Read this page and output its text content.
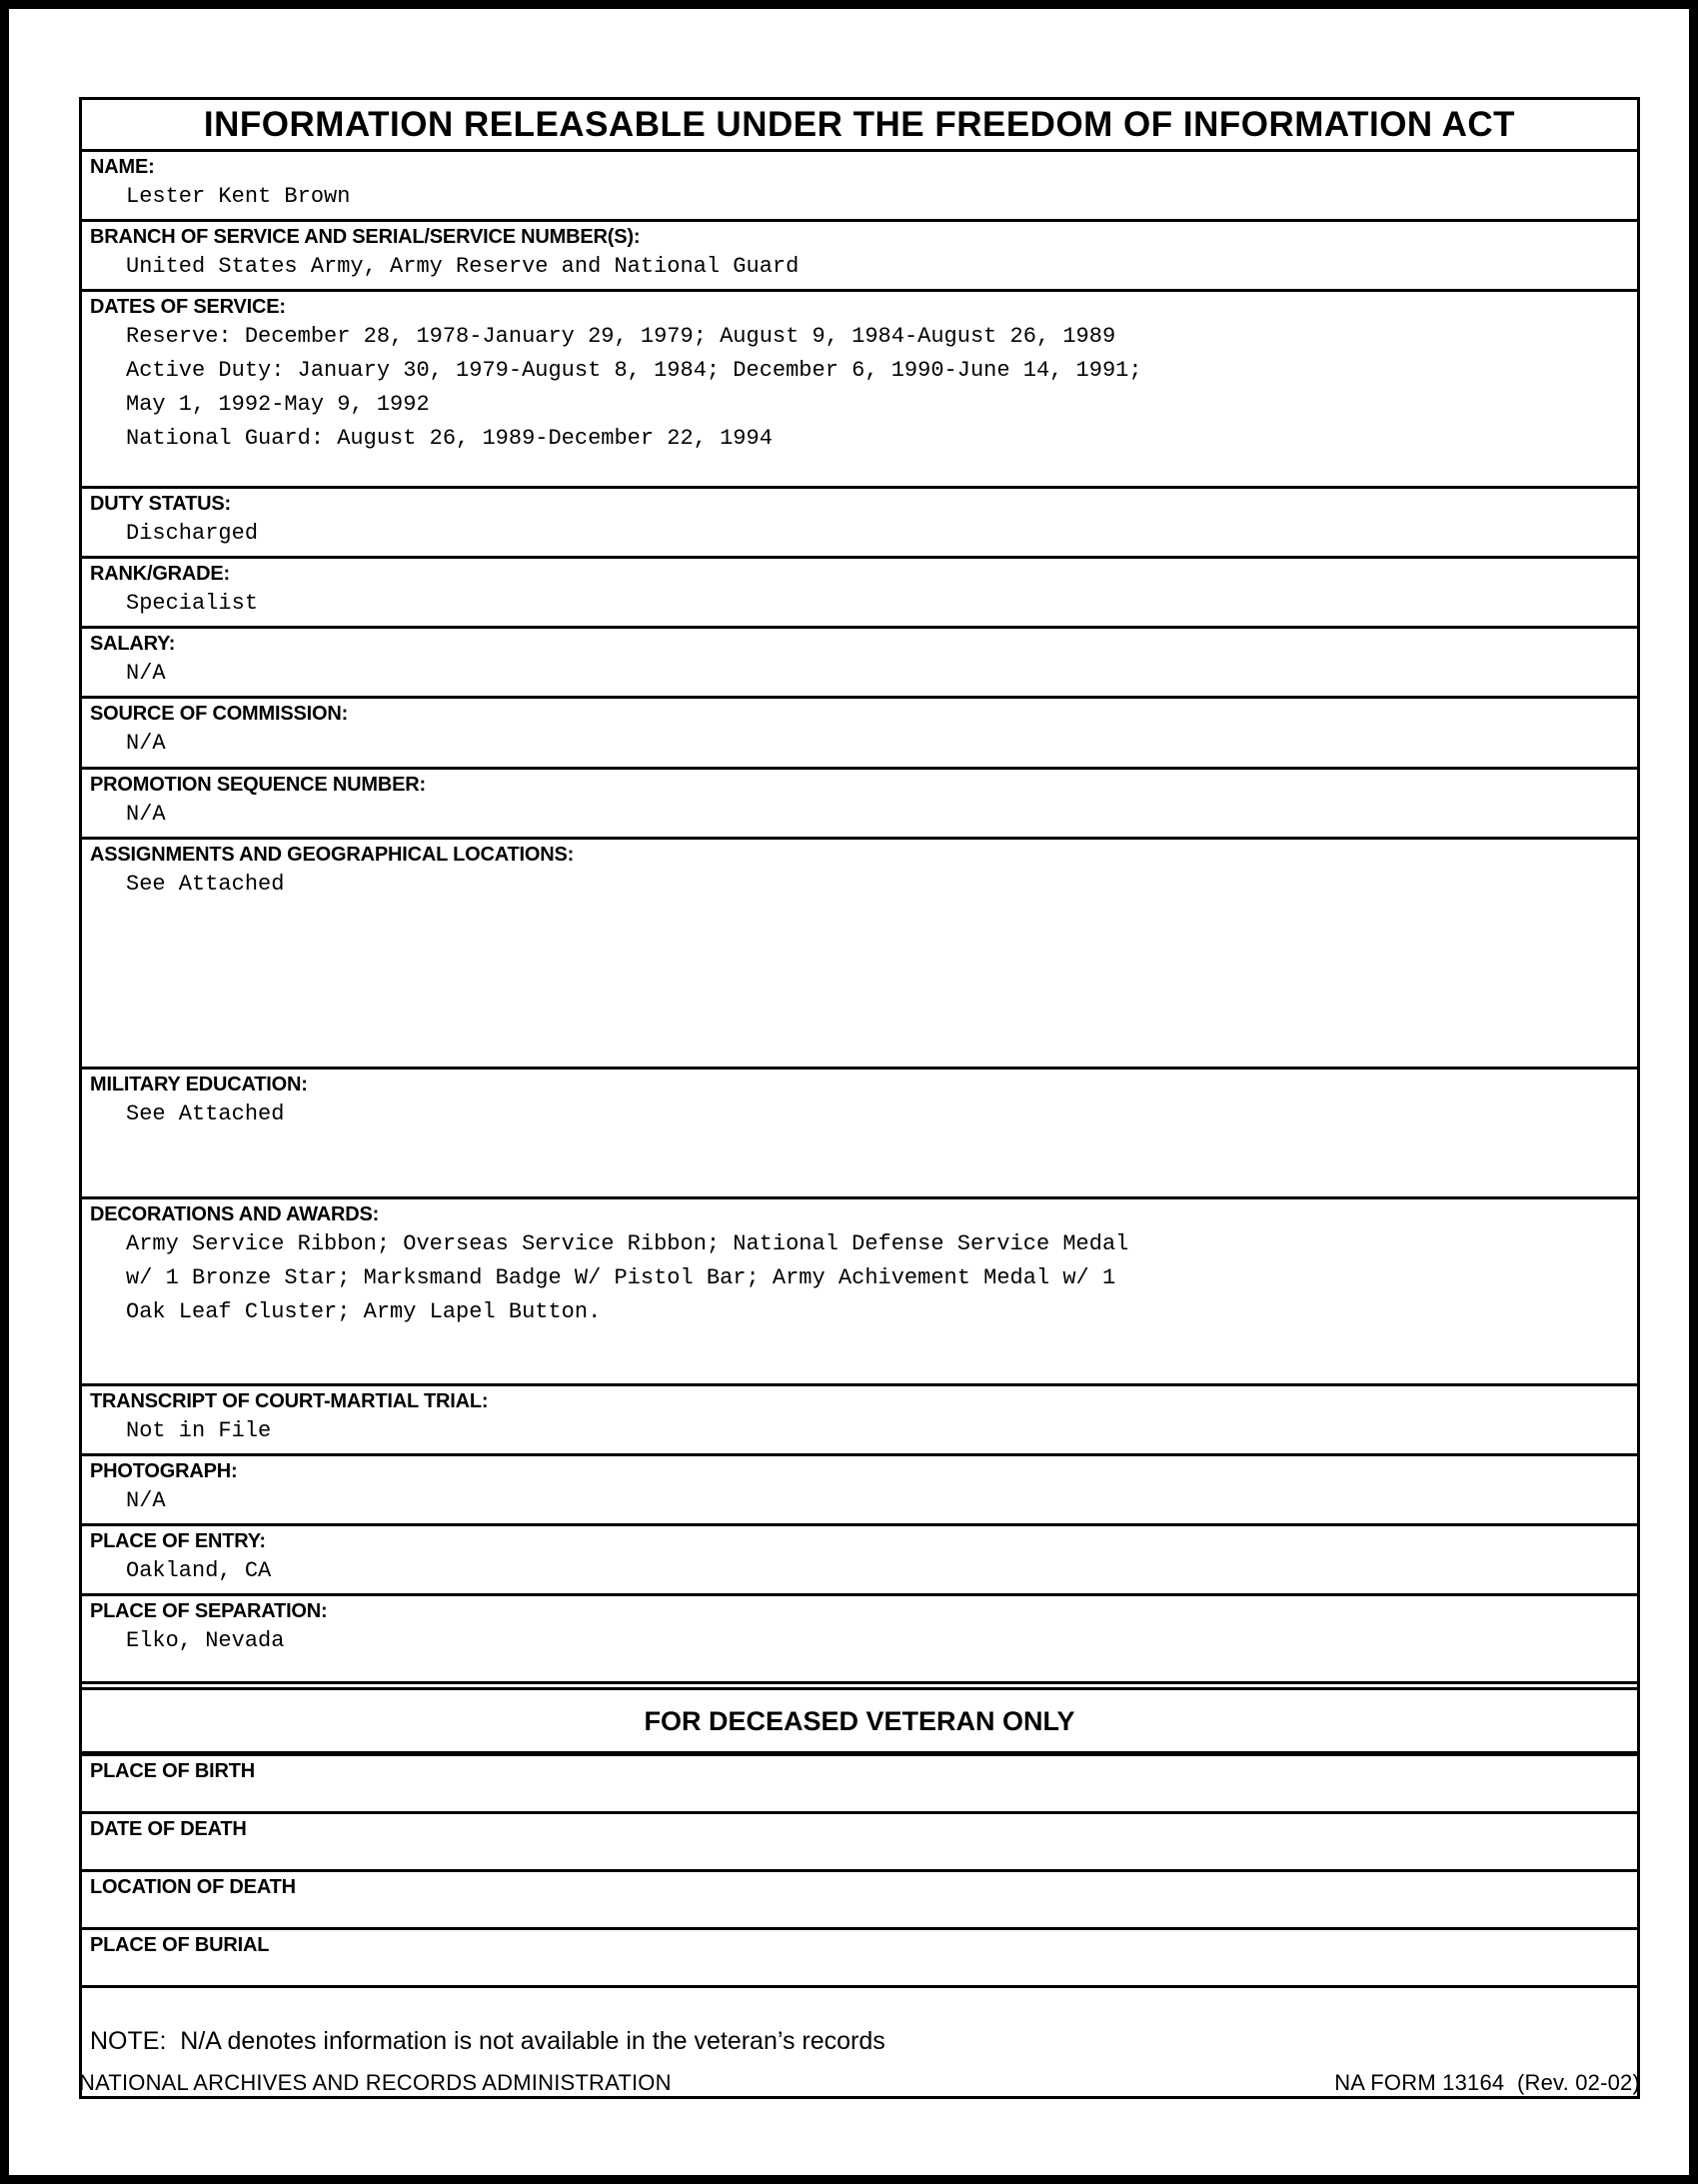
INFORMATION RELEASABLE UNDER THE FREEDOM OF INFORMATION ACT
NAME:
Lester Kent Brown
BRANCH OF SERVICE AND SERIAL/SERVICE NUMBER(S):
United States Army, Army Reserve and National Guard
DATES OF SERVICE:
Reserve: December 28, 1978-January 29, 1979; August 9, 1984-August 26, 1989
Active Duty: January 30, 1979-August 8, 1984; December 6, 1990-June 14, 1991;
May 1, 1992-May 9, 1992
National Guard: August 26, 1989-December 22, 1994
DUTY STATUS:
Discharged
RANK/GRADE:
Specialist
SALARY:
N/A
SOURCE OF COMMISSION:
N/A
PROMOTION SEQUENCE NUMBER:
N/A
ASSIGNMENTS AND GEOGRAPHICAL LOCATIONS:
See Attached
MILITARY EDUCATION:
See Attached
DECORATIONS AND AWARDS:
Army Service Ribbon; Overseas Service Ribbon; National Defense Service Medal
w/ 1 Bronze Star; Marksmand Badge W/ Pistol Bar; Army Achivement Medal w/ 1
Oak Leaf Cluster; Army Lapel Button.
TRANSCRIPT OF COURT-MARTIAL TRIAL:
Not in File
PHOTOGRAPH:
N/A
PLACE OF ENTRY:
Oakland, CA
PLACE OF SEPARATION:
Elko, Nevada
FOR DECEASED VETERAN ONLY
PLACE OF BIRTH
DATE OF DEATH
LOCATION OF DEATH
PLACE OF BURIAL
NOTE:  N/A denotes information is not available in the veteran’s records
NATIONAL ARCHIVES AND RECORDS ADMINISTRATION	NA FORM 13164  (Rev. 02-02)
